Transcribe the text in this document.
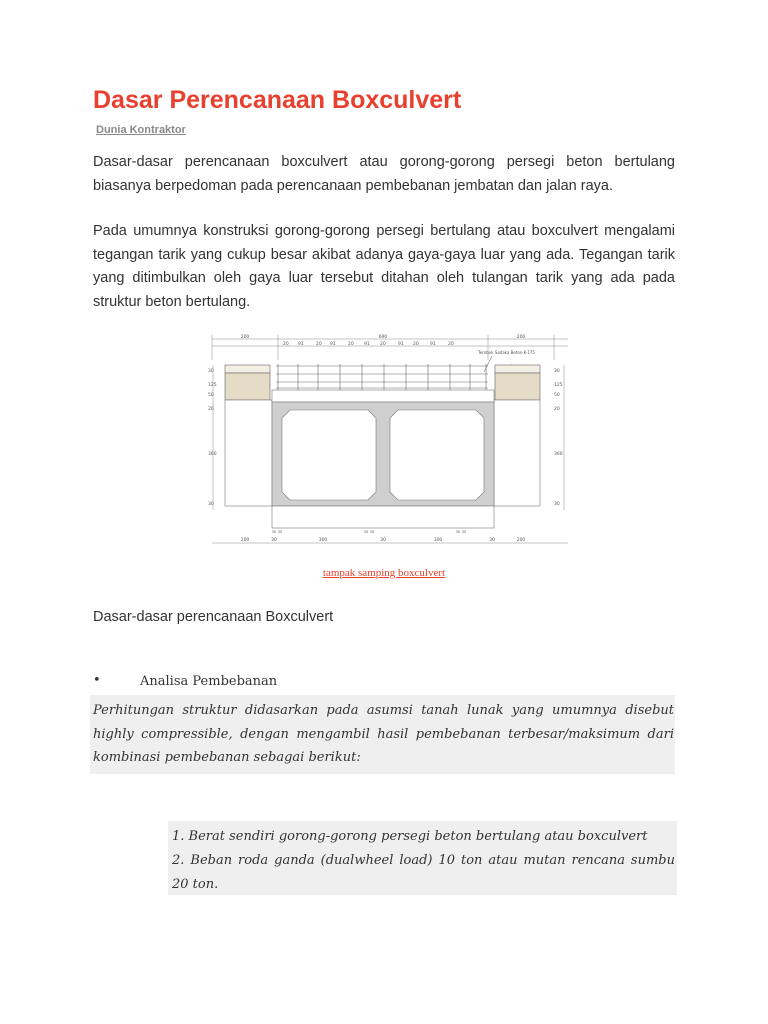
Dasar Perencanaan Boxculvert
Dunia Kontraktor

Dasar-dasar perencanaan boxculvert atau gorong-gorong persegi beton bertulang biasanya berpedoman pada perencanaan pembebanan jembatan dan jalan raya.

Pada umumnya konstruksi gorong-gorong persegi bertulang atau boxculvert mengalami tegangan tarik yang cukup besar akibat adanya gaya-gaya luar yang ada. Tegangan tarik yang ditimbulkan oleh gaya luar tersebut ditahan oleh tulangan tarik yang ada pada struktur beton bertulang.

200	690	200
20 91	20 91	20 91 20	91 20	91	20
Tembok Sadaka Beton K-175
30
125
50
20
360
30
30
125
50
20
360
30
200	30	300	30	300	30	200
30 30	30 30	30 30
tampak samping boxculvert
Dasar-dasar perencanaan Boxculvert
•	Analisa Pembebanan

Perhitungan struktur didasarkan pada asumsi tanah lunak yang umumnya disebut highly compressible, dengan mengambil hasil pembebanan terbesar/maksimum dari kombinasi pembebanan sebagai berikut:

1. Berat sendiri gorong-gorong persegi beton bertulang atau boxculvert
2. Beban roda ganda (dualwheel load) 10 ton atau mutan rencana sumbu 20 ton.
